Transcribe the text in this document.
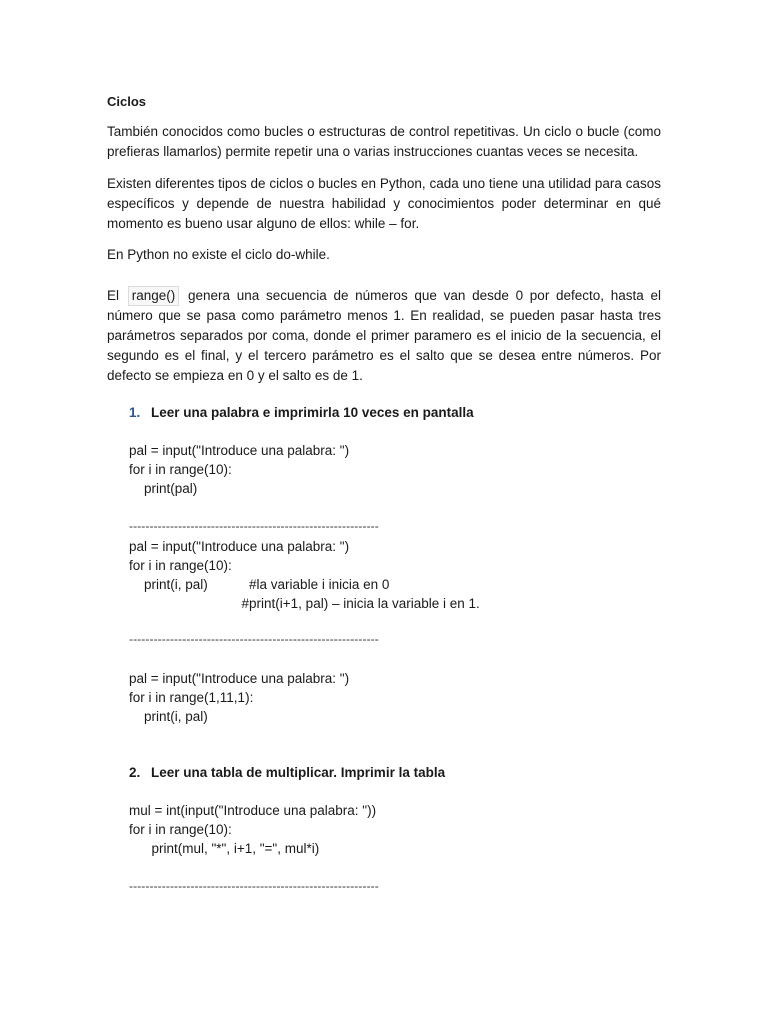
Ciclos

También conocidos como bucles o estructuras de control repetitivas. Un ciclo o bucle (como prefieras llamarlos) permite repetir una o varias instrucciones cuantas veces se necesita.

Existen diferentes tipos de ciclos o bucles en Python, cada uno tiene una utilidad para casos específicos y depende de nuestra habilidad y conocimientos poder determinar en qué momento es bueno usar alguno de ellos: while – for.

En Python no existe el ciclo do-while.

El range() genera una secuencia de números que van desde 0 por defecto, hasta el número que se pasa como parámetro menos 1. En realidad, se pueden pasar hasta tres parámetros separados por coma, donde el primer paramero es el inicio de la secuencia, el segundo es el final, y el tercero parámetro es el salto que se desea entre números. Por defecto se empieza en 0 y el salto es de 1.

1. Leer una palabra e imprimirla 10 veces en pantalla

pal = input("Introduce una palabra: ")
for i in range(10):
print(pal)

-------------------------------------------------------------

pal = input("Introduce una palabra: ")
for i in range(10):
print(i, pal)           #la variable i inicia en 0
#print(i+1, pal) – inicia la variable i en 1.

-------------------------------------------------------------

pal = input("Introduce una palabra: ")
for i in range(1,11,1):
print(i, pal)

2. Leer una tabla de multiplicar. Imprimir la tabla

mul = int(input("Introduce una palabra: "))
for i in range(10):
print(mul, "*", i+1, "=", mul*i)

-------------------------------------------------------------
